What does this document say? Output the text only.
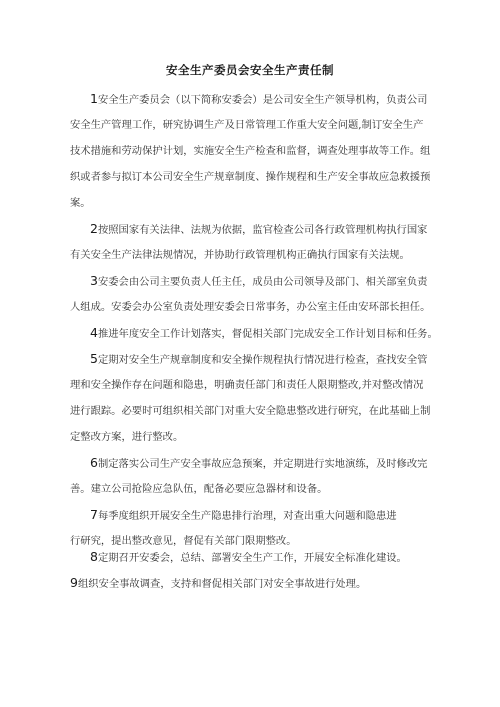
安全生产委员会安全生产责任制
1安全生产委员会（以下简称安委会）是公司安全生产领导机构，负责公司
安全生产管理工作，研究协调生产及日常管理工作重大安全问题,制订安全生产
技术措施和劳动保护计划，实施安全生产检查和监督，调查处理事故等工作。组
织或者参与拟订本公司安全生产规章制度、操作规程和生产安全事故应急救援预
案。
2按照国家有关法律、法规为依据，监官检查公司各行政管理机构执行国家
有关安全生产法律法规情况，并协助行政管理机构正确执行国家有关法规。
3安委会由公司主要负责人任主任，成员由公司领导及部门、相关部室负责
人组成。安委会办公室负责处理安委会日常事务，办公室主任由安环部长担任。
4推进年度安全工作计划落实，督促相关部门完成安全工作计划目标和任务。
5定期对安全生产规章制度和安全操作规程执行情况进行检查，查找安全管
理和安全操作存在问题和隐患，明确责任部门和责任人限期整改,并对整改情况
进行跟踪。必要时可组织相关部门对重大安全隐患整改进行研究，在此基础上制
定整改方案，进行整改。
6制定落实公司生产安全事故应急预案，并定期进行实地演练，及时修改完
善。建立公司抢险应急队伍，配备必要应急器材和设备。
7每季度组织开展安全生产隐患排行治理，对查出重大问题和隐患进
行研究，提出整改意见，督促有关部门限期整改。
8定期召开安委会，总结、部署安全生产工作，开展安全标准化建设。
9组织安全事故调查，支持和督促相关部门对安全事故进行处理。
